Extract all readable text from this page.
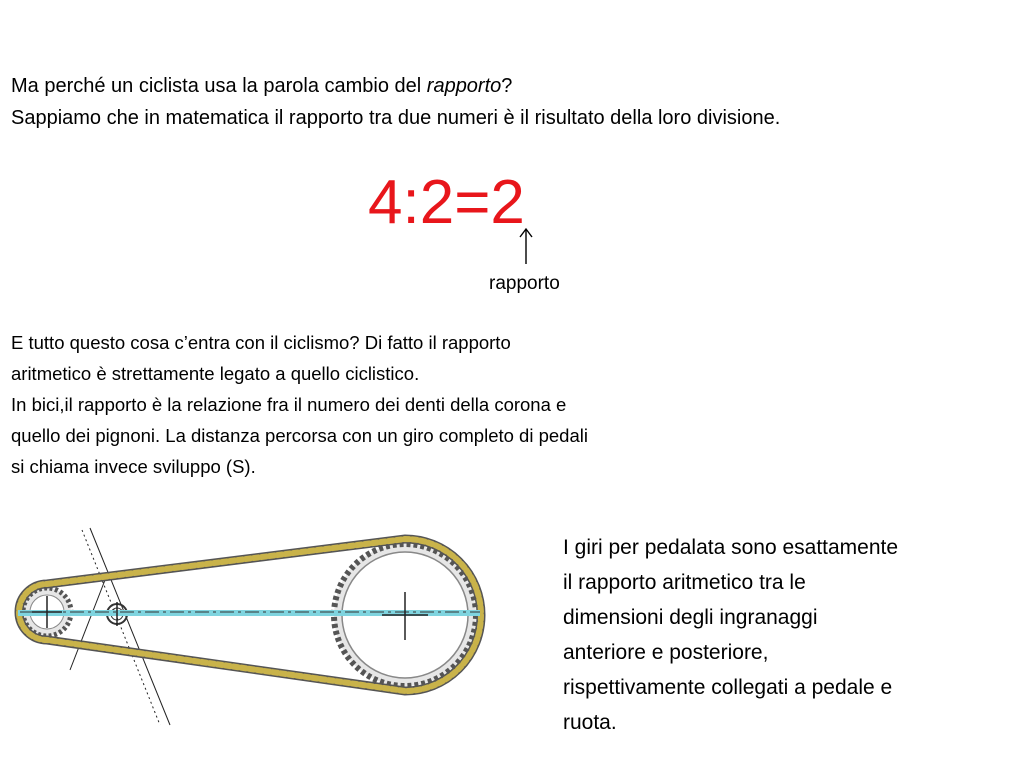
Ma perché un ciclista usa la parola cambio del rapporto?
Sappiamo che in matematica il rapporto tra due numeri è il risultato della loro divisione.
4:2=2
rapporto
E tutto questo cosa c’entra con il ciclismo? Di fatto il rapporto
aritmetico è strettamente legato a quello ciclistico.
In bici,il rapporto è la relazione fra il numero dei denti della corona e
quello dei pignoni. La distanza percorsa con un giro completo di pedali
si chiama invece sviluppo (S).
I giri per pedalata sono esattamente
il rapporto aritmetico tra le
dimensioni degli ingranaggi
anteriore e posteriore,
rispettivamente collegati a pedale e
ruota.
